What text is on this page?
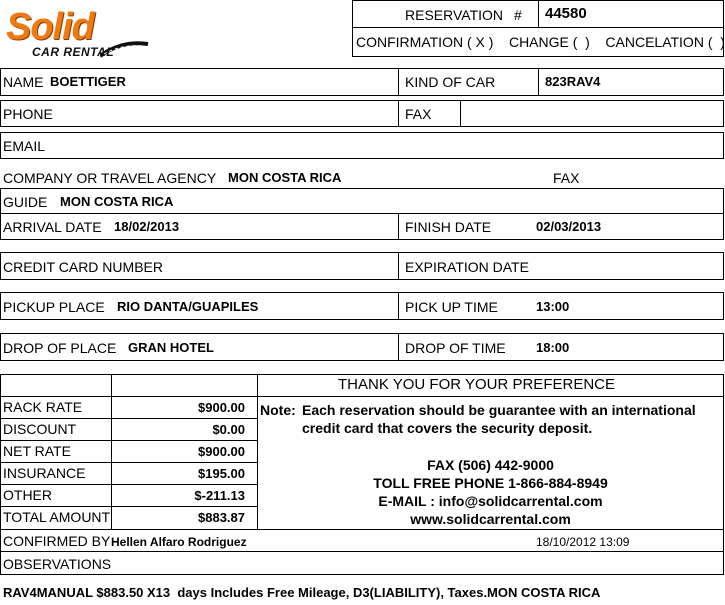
Solid
CAR RENTAL
RESERVATION # 44580
CONFIRMATION ( X )    CHANGE (  )    CANCELATION (  )
NAME BOETTIGER	KIND OF CAR	823RAV4
PHONE	FAX
EMAIL
COMPANY OR TRAVEL AGENCY MON COSTA RICA	FAX
GUIDE MON COSTA RICA
ARRIVAL DATE 18/02/2013	FINISH DATE	02/03/2013
CREDIT CARD NUMBER	EXPIRATION DATE
PICKUP PLACE RIO DANTA/GUAPILES	PICK UP TIME	13:00
DROP OF PLACE GRAN HOTEL	DROP OF TIME 18:00
RACK RATE	$900.00
DISCOUNT	$0.00
NET RATE	$900.00
INSURANCE	$195.00
OTHER	$-211.13
TOTAL AMOUNT	$883.87
THANK YOU FOR YOUR PREFERENCE
Note: Each reservation should be guarantee with an international
credit card that covers the security deposit.
FAX (506) 442-9000
TOLL FREE PHONE 1-866-884-8949
E-MAIL : info@solidcarrental.com
www.solidcarrental.com
CONFIRMED BY Hellen Alfaro Rodriguez	18/10/2012 13:09
OBSERVATIONS
RAV4MANUAL $883.50 X13  days Includes Free Mileage, D3(LIABILITY), Taxes.MON COSTA RICA
